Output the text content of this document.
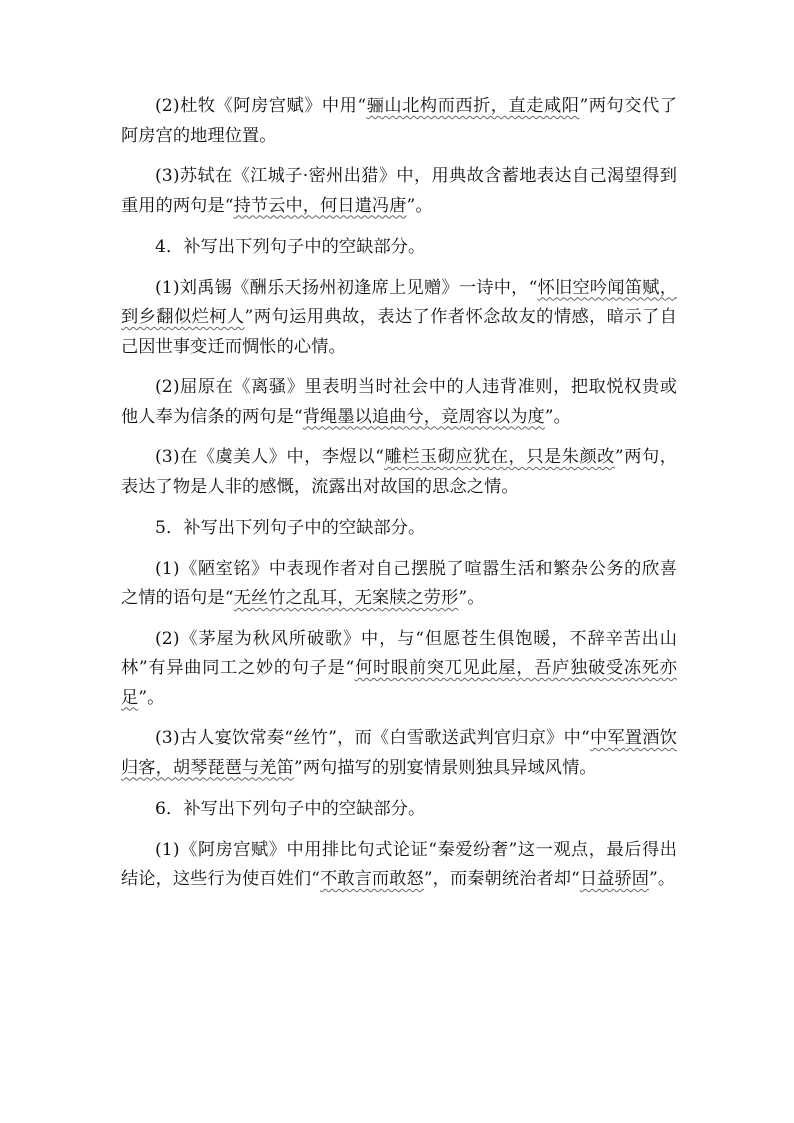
(2)杜牧《阿房宫赋》中用“骊山北构而西折，直走咸阳”两句交代了阿房宫的地理位置。

(3)苏轼在《江城子·密州出猎》中，用典故含蓄地表达自己渴望得到重用的两句是“持节云中，何日遣冯唐”。

4．补写出下列句子中的空缺部分。

(1)刘禹锡《酬乐天扬州初逢席上见赠》一诗中，“怀旧空吟闻笛赋，到乡翻似烂柯人”两句运用典故，表达了作者怀念故友的情感，暗示了自己因世事变迁而惆怅的心情。

(2)屈原在《离骚》里表明当时社会中的人违背准则，把取悦权贵或他人奉为信条的两句是“背绳墨以追曲兮，竞周容以为度”。

(3)在《虞美人》中，李煜以“雕栏玉砌应犹在，只是朱颜改”两句，表达了物是人非的感慨，流露出对故国的思念之情。

5．补写出下列句子中的空缺部分。

(1)《陋室铭》中表现作者对自己摆脱了喧嚣生活和繁杂公务的欣喜之情的语句是“无丝竹之乱耳，无案牍之劳形”。

(2)《茅屋为秋风所破歌》中，与“但愿苍生俱饱暖，不辞辛苦出山林”有异曲同工之妙的句子是“何时眼前突兀见此屋，吾庐独破受冻死亦足”。

(3)古人宴饮常奏“丝竹”，而《白雪歌送武判官归京》中“中军置酒饮归客，胡琴琵琶与羌笛”两句描写的别宴情景则独具异域风情。

6．补写出下列句子中的空缺部分。

(1)《阿房宫赋》中用排比句式论证“秦爱纷奢”这一观点，最后得出结论，这些行为使百姓们“不敢言而敢怒”，而秦朝统治者却“日益骄固”。
